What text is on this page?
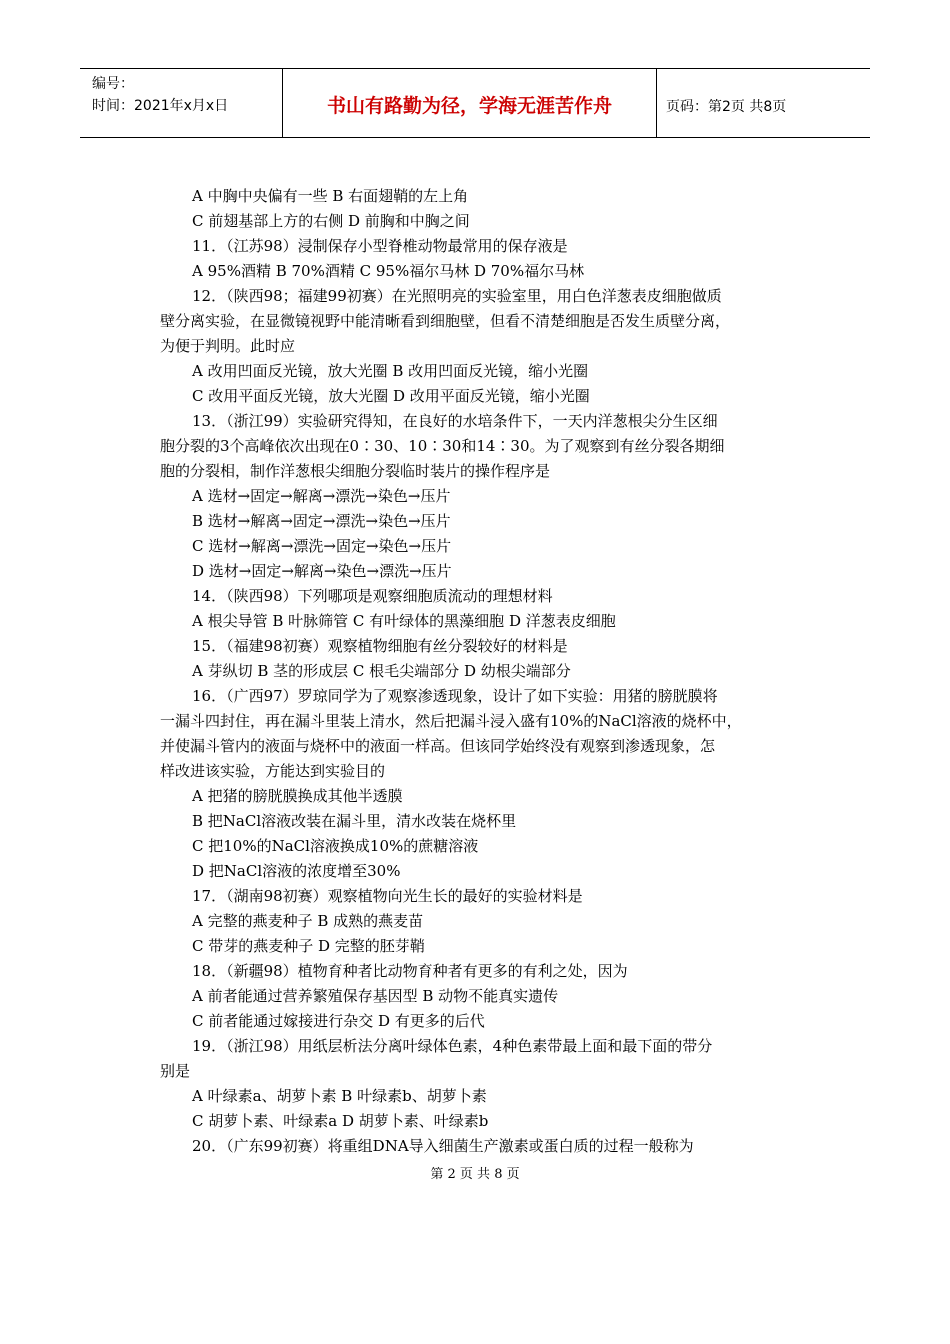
编号：
时间：2021年x月x日	书山有路勤为径，学海无涯苦作舟	页码：第2页 共8页
A 中胸中央偏有一些 B 右面翅鞘的左上角
C 前翅基部上方的右侧 D 前胸和中胸之间
11．（江苏98）浸制保存小型脊椎动物最常用的保存液是
A 95%酒精 B 70%酒精 C 95%福尔马林 D 70%福尔马林
12．（陕西98；福建99初赛）在光照明亮的实验室里，用白色洋葱表皮细胞做质
壁分离实验，在显微镜视野中能清晰看到细胞壁，但看不清楚细胞是否发生质壁分离，
为便于判明。此时应
A 改用凹面反光镜，放大光圈 B 改用凹面反光镜，缩小光圈
C 改用平面反光镜，放大光圈 D 改用平面反光镜，缩小光圈
13．（浙江99）实验研究得知，在良好的水培条件下，一天内洋葱根尖分生区细
胞分裂的3个高峰依次出现在0∶30、10∶30和14∶30。为了观察到有丝分裂各期细
胞的分裂相，制作洋葱根尖细胞分裂临时装片的操作程序是
A 选材→固定→解离→漂洗→染色→压片
B 选材→解离→固定→漂洗→染色→压片
C 选材→解离→漂洗→固定→染色→压片
D 选材→固定→解离→染色→漂洗→压片
14．（陕西98）下列哪项是观察细胞质流动的理想材料
A 根尖导管 B 叶脉筛管 C 有叶绿体的黑藻细胞 D 洋葱表皮细胞
15．（福建98初赛）观察植物细胞有丝分裂较好的材料是
A 芽纵切 B 茎的形成层 C 根毛尖端部分 D 幼根尖端部分
16．（广西97）罗琼同学为了观察渗透现象，设计了如下实验：用猪的膀胱膜将
一漏斗四封住，再在漏斗里装上清水，然后把漏斗浸入盛有10%的NaCl溶液的烧杯中，
并使漏斗管内的液面与烧杯中的液面一样高。但该同学始终没有观察到渗透现象，怎
样改进该实验，方能达到实验目的
A 把猪的膀胱膜换成其他半透膜
B 把NaCl溶液改装在漏斗里，清水改装在烧杯里
C 把10%的NaCl溶液换成10%的蔗糖溶液
D 把NaCl溶液的浓度增至30%
17．（湖南98初赛）观察植物向光生长的最好的实验材料是
A 完整的燕麦种子 B 成熟的燕麦苗
C 带芽的燕麦种子 D 完整的胚芽鞘
18．（新疆98）植物育种者比动物育种者有更多的有利之处，因为
A 前者能通过营养繁殖保存基因型 B 动物不能真实遗传
C 前者能通过嫁接进行杂交 D 有更多的后代
19．（浙江98）用纸层析法分离叶绿体色素，4种色素带最上面和最下面的带分
别是
A 叶绿素a、胡萝卜素 B 叶绿素b、胡萝卜素
C 胡萝卜素、叶绿素a D 胡萝卜素、叶绿素b
20．（广东99初赛）将重组DNA导入细菌生产激素或蛋白质的过程一般称为
第 2 页 共 8 页
